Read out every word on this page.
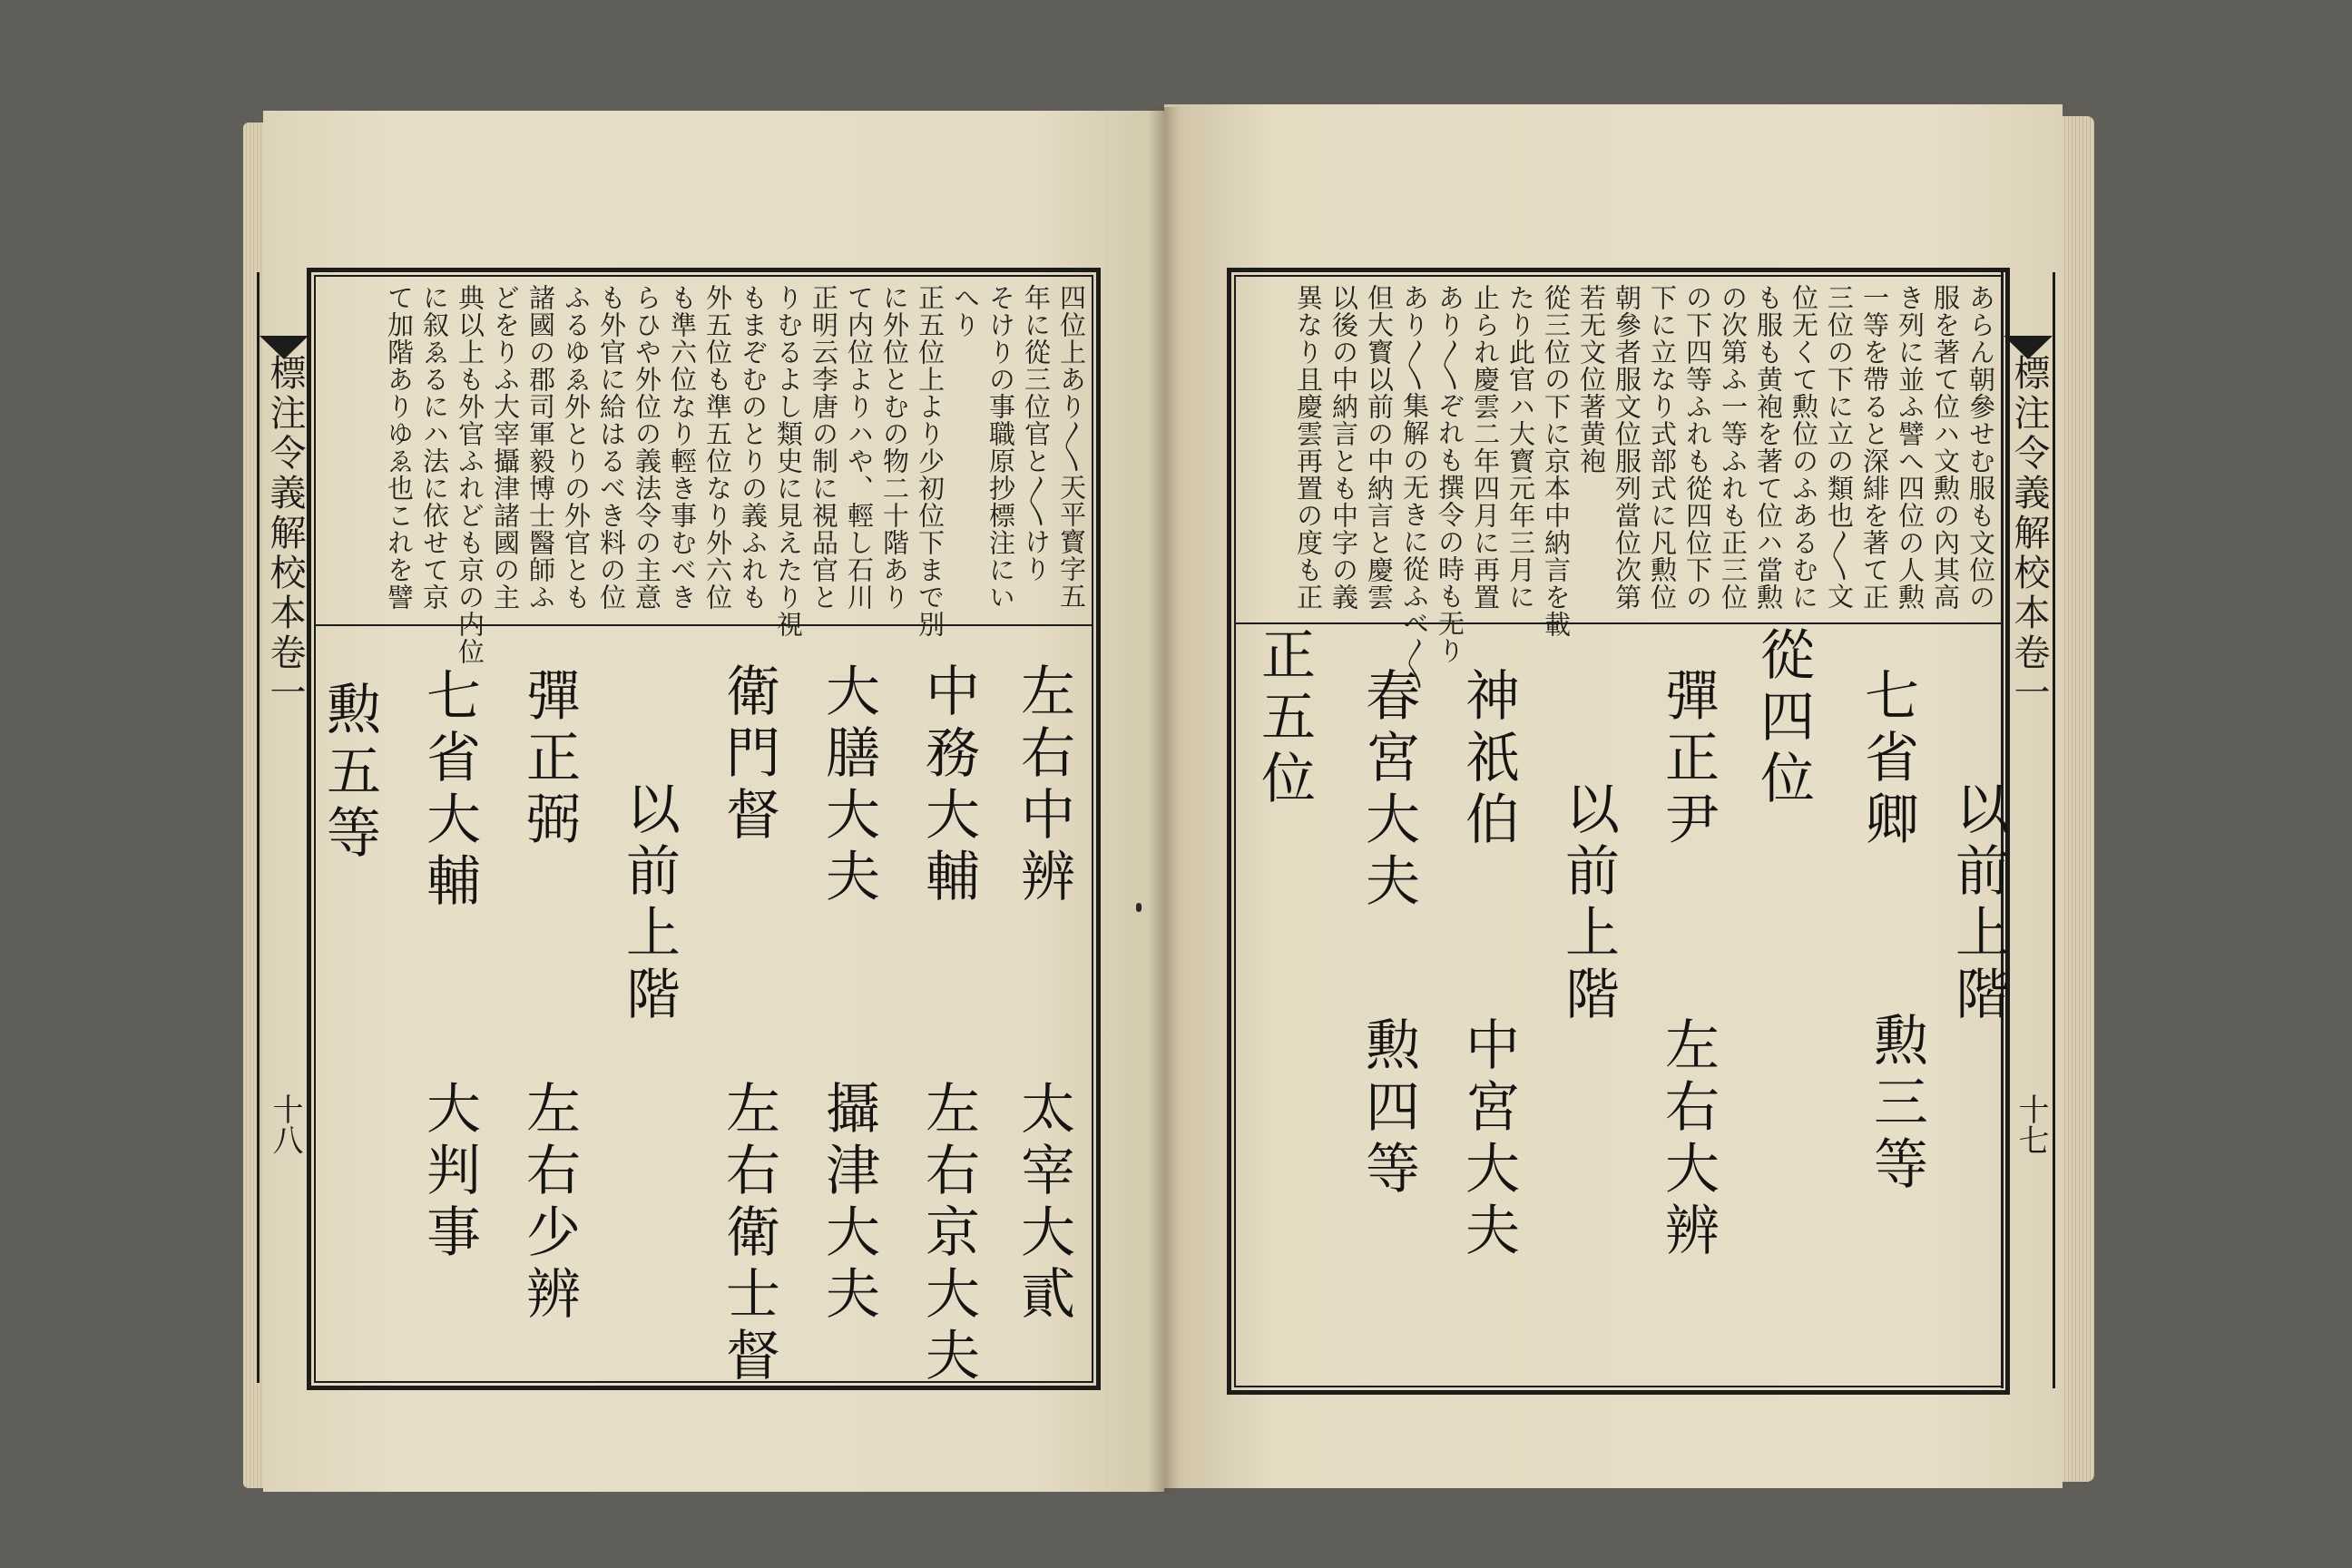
標注令義解校本卷一
十八
四位上あり〳〵天平寳字五
年に從三位官と〳〵けり
そけりの事職原抄標注にい
へり
正五位上より少初位下まで別
に外位とむの物二十階あり
て内位よりハや、輕し石川
正明云李唐の制に視品官と
りむるよし類史に見えたり視
もまぞむのとりの義ふれも
外五位も準五位なり外六位
も準六位なり輕き事むべき
らひや外位の義法令の主意
も外官に給はるべき料の位
ふるゆゑ外とりの外官とも
諸國の郡司軍毅博士醫師ふ
どをりふ大宰攝津諸國の主
典以上も外官ふれども京の内位
に叙ゑるにハ法に依せて京
て加階ありゆゑ也これを譬
左右中辨
太宰大貳
中務大輔
左右京大夫
大膳大夫
攝津大夫
衛門督
左右衛士督
以前上階
彈正弼
左右少辨
七省大輔
大判事
勲五等
標注令義解校本卷一
十七
あらん朝參せむ服も文位の
服を著て位ハ文勲の內其高
き列に並ふ譬へ四位の人勲
一等を帶ると深緋を著て正
三位の下に立の類也〳〵文
位无くて勲位のふあるむに
も服も黄袍を著て位ハ當勲
の次第ふ一等ふれも正三位
の下四等ふれも從四位下の
下に立なり式部式に凡勲位
朝參者服文位服列當位次第
若无文位著黄袍
從三位の下に京本中納言を載
たり此官ハ大寳元年三月に
止られ慶雲二年四月に再置
あり〳〵ぞれも撰令の時も无り
あり〳〵集解の无きに從ふべ〳〵
但大寳以前の中納言と慶雲
以後の中納言とも中字の義
異なり且慶雲再置の度も正
以前上階
勲三等
七省卿
從四位
彈正尹
左右大辨
以前上階
神祇伯
中宮大夫
春宮大夫
勲四等
正五位
